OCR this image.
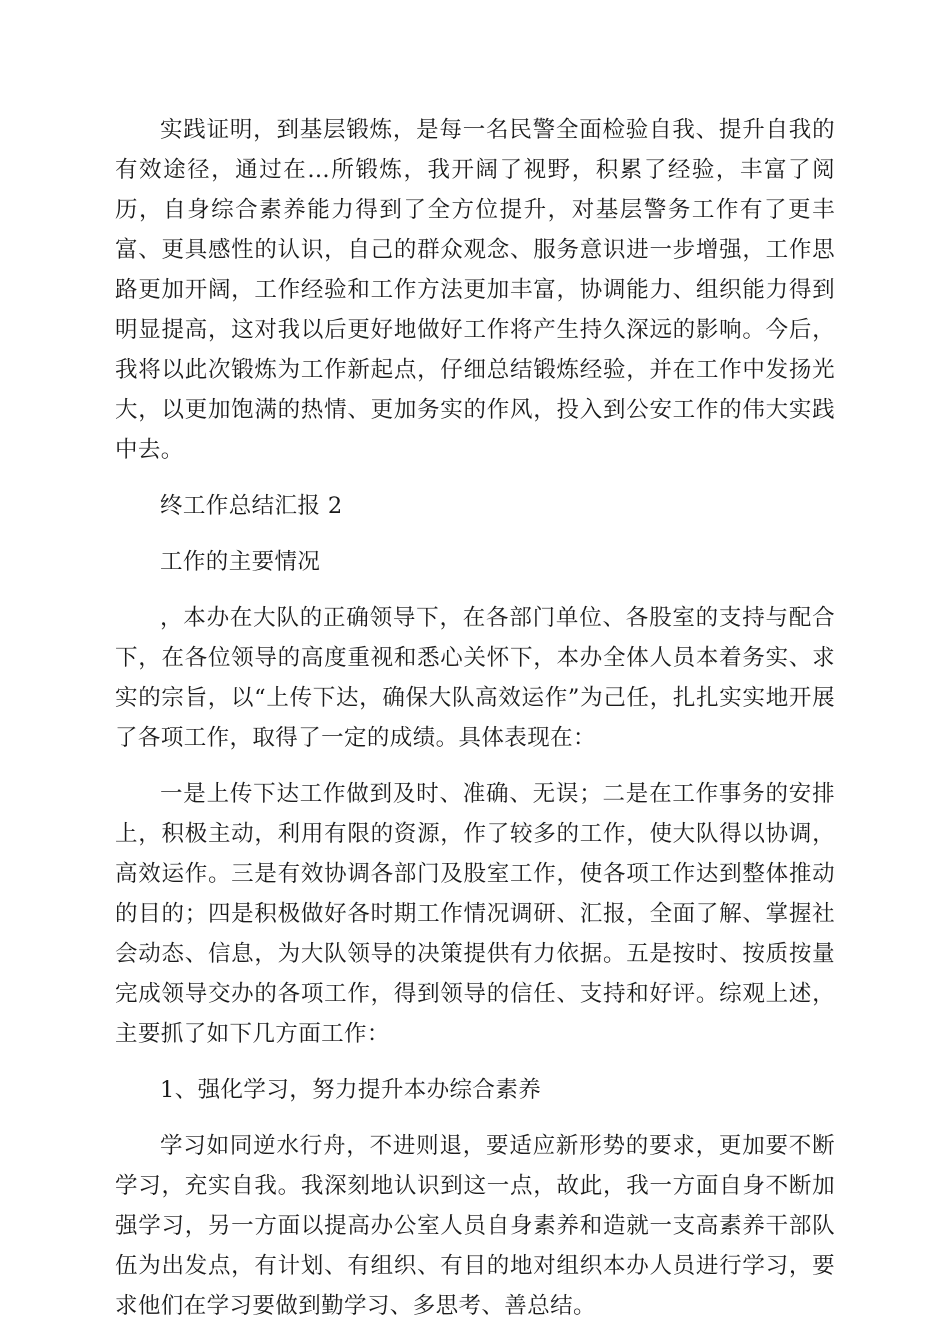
实践证明，到基层锻炼，是每一名民警全面检验自我、提升自我的有效途径，通过在…所锻炼，我开阔了视野，积累了经验，丰富了阅历，自身综合素养能力得到了全方位提升，对基层警务工作有了更丰富、更具感性的认识，自己的群众观念、服务意识进一步增强，工作思路更加开阔，工作经验和工作方法更加丰富，协调能力、组织能力得到明显提高，这对我以后更好地做好工作将产生持久深远的影响。今后，我将以此次锻炼为工作新起点，仔细总结锻炼经验，并在工作中发扬光大，以更加饱满的热情、更加务实的作风，投入到公安工作的伟大实践中去。

终工作总结汇报 2

工作的主要情况

，本办在大队的正确领导下，在各部门单位、各股室的支持与配合下，在各位领导的高度重视和悉心关怀下，本办全体人员本着务实、求实的宗旨，以“上传下达，确保大队高效运作”为己任，扎扎实实地开展了各项工作，取得了一定的成绩。具体表现在：

一是上传下达工作做到及时、准确、无误；二是在工作事务的安排上，积极主动，利用有限的资源，作了较多的工作，使大队得以协调，高效运作。三是有效协调各部门及股室工作，使各项工作达到整体推动的目的；四是积极做好各时期工作情况调研、汇报，全面了解、掌握社会动态、信息，为大队领导的决策提供有力依据。五是按时、按质按量完成领导交办的各项工作，得到领导的信任、支持和好评。综观上述，主要抓了如下几方面工作：

1、强化学习，努力提升本办综合素养

学习如同逆水行舟，不进则退，要适应新形势的要求，更加要不断学习，充实自我。我深刻地认识到这一点，故此，我一方面自身不断加强学习，另一方面以提高办公室人员自身素养和造就一支高素养干部队伍为出发点，有计划、有组织、有目的地对组织本办人员进行学习，要求他们在学习要做到勤学习、多思考、善总结。
